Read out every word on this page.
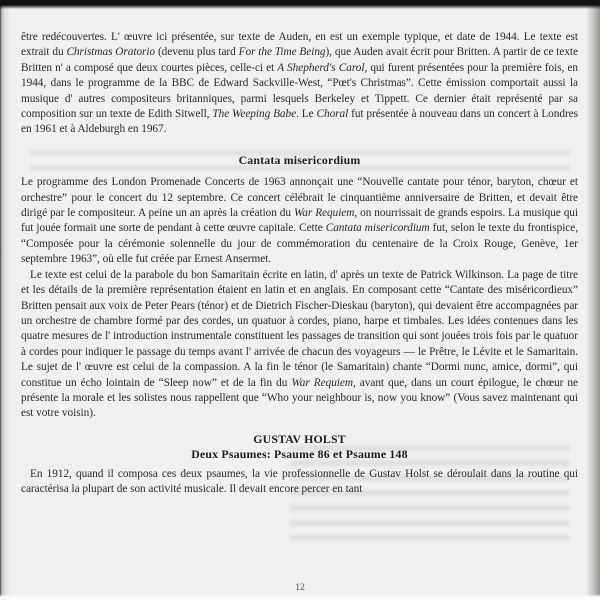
être redécouvertes. L' œuvre ici présentée, sur texte de Auden, en est un exemple typique, et date de 1944. Le texte est extrait du Christmas Oratorio (devenu plus tard For the Time Being), que Auden avait écrit pour Britten. A partir de ce texte Britten n' a composé que deux courtes pièces, celle-ci et A Shepherd's Carol, qui furent présentées pour la première fois, en 1944, dans le programme de la BBC de Edward Sackville-West, “Pœt's Christmas”. Cette émission comportait aussi la musique d' autres compositeurs britanniques, parmi lesquels Berkeley et Tippett. Ce dernier était représenté par sa composition sur un texte de Edith Sitwell, The Weeping Babe. Le Choral fut présentée à nouveau dans un concert à Londres en 1961 et à Aldeburgh en 1967.

Cantata misericordium

Le programme des London Promenade Concerts de 1963 annonçait une “Nouvelle cantate pour ténor, baryton, chœur et orchestre” pour le concert du 12 septembre. Ce concert célébrait le cinquantième anniversaire de Britten, et devait être dirigé par le compositeur. A peine un an après la création du War Requiem, on nourrissait de grands espoirs. La musique qui fut jouée formait une sorte de pendant à cette œuvre capitale. Cette Cantata misericordium fut, selon le texte du frontispice, “Composée pour la cérémonie solennelle du jour de commémoration du centenaire de la Croix Rouge, Genève, 1er septembre 1963”, où elle fut créée par Ernest Ansermet.

Le texte est celui de la parabole du bon Samaritain écrite en latin, d' après un texte de Patrick Wilkinson. La page de titre et les détails de la première représentation étaient en latin et en anglais. En composant cette “Cantate des miséricordieux” Britten pensait aux voix de Peter Pears (ténor) et de Dietrich Fischer-Dieskau (baryton), qui devaient être accompagnées par un orchestre de chambre formé par des cordes, un quatuor à cordes, piano, harpe et timbales. Les idées contenues dans les quatre mesures de l' introduction instrumentale constituent les passages de transition qui sont jouées trois fois par le quatuor à cordes pour indiquer le passage du temps avant l' arrivée de chacun des voyageurs — le Prêtre, le Lévite et le Samaritain. Le sujet de l' œuvre est celui de la compassion. A la fin le ténor (le Samaritain) chante “Dormi nunc, amice, dormi”, qui constitue un écho lointain de “Sleep now” et de la fin du War Requiem, avant que, dans un court épilogue, le chœur ne présente la morale et les solistes nous rappellent que “Who your neighbour is, now you know” (Vous savez maintenant qui est votre voisin).

GUSTAV HOLST
Deux Psaumes: Psaume 86 et Psaume 148

En 1912, quand il composa ces deux psaumes, la vie professionnelle de Gustav Holst se déroulait dans la routine qui caractérisa la plupart de son activité musicale. Il devait encore percer en tant

12
